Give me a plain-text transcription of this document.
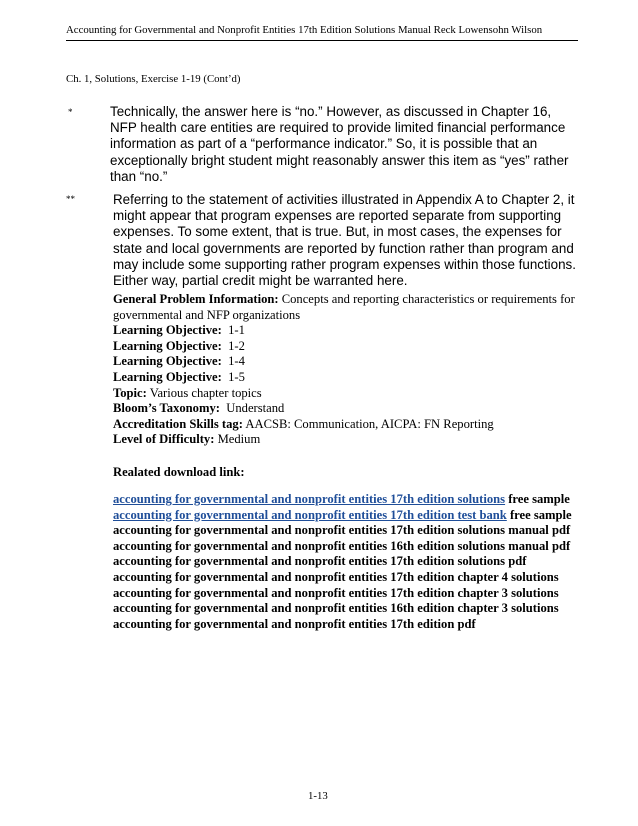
Accounting for Governmental and Nonprofit Entities 17th Edition Solutions Manual Reck Lowensohn Wilson
Ch. 1, Solutions, Exercise 1-19 (Cont’d)
*	Technically, the answer here is “no.” However, as discussed in Chapter 16, NFP health care entities are required to provide limited financial performance information as part of a “performance indicator.” So, it is possible that an exceptionally bright student might reasonably answer this item as “yes” rather than “no.”
**	Referring to the statement of activities illustrated in Appendix A to Chapter 2, it might appear that program expenses are reported separate from supporting expenses. To some extent, that is true. But, in most cases, the expenses for state and local governments are reported by function rather than program and may include some supporting rather program expenses within those functions. Either way, partial credit might be warranted here.
General Problem Information: Concepts and reporting characteristics or requirements for governmental and NFP organizations
Learning Objective: 1-1
Learning Objective: 1-2
Learning Objective: 1-4
Learning Objective: 1-5
Topic: Various chapter topics
Bloom’s Taxonomy: Understand
Accreditation Skills tag: AACSB: Communication, AICPA: FN Reporting
Level of Difficulty: Medium
Realated download link:
accounting for governmental and nonprofit entities 17th edition solutions free sample
accounting for governmental and nonprofit entities 17th edition test bank free sample
accounting for governmental and nonprofit entities 17th edition solutions manual pdf
accounting for governmental and nonprofit entities 16th edition solutions manual pdf
accounting for governmental and nonprofit entities 17th edition solutions pdf
accounting for governmental and nonprofit entities 17th edition chapter 4 solutions
accounting for governmental and nonprofit entities 17th edition chapter 3 solutions
accounting for governmental and nonprofit entities 16th edition chapter 3 solutions
accounting for governmental and nonprofit entities 17th edition pdf
1-13
